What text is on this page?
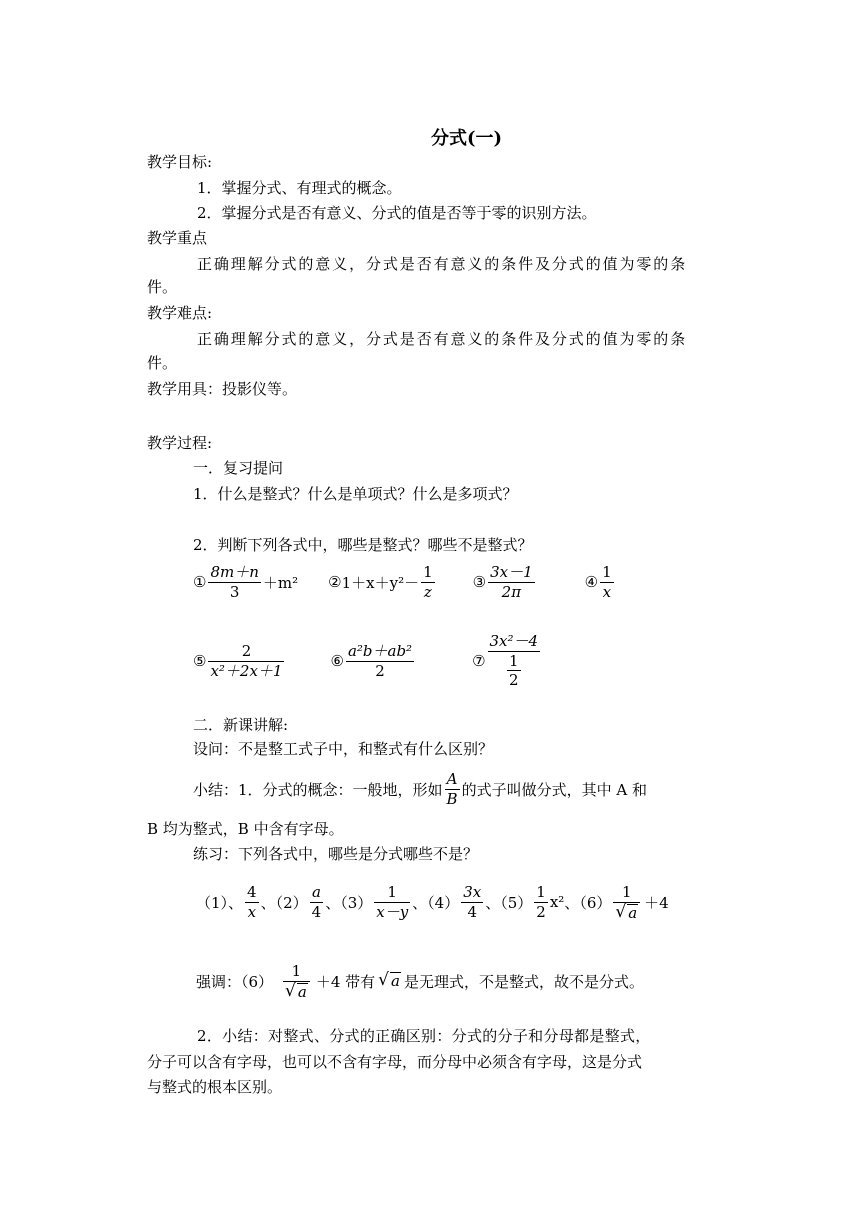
分式(一)
教学目标:
1．掌握分式、有理式的概念。
2．掌握分式是否有意义、分式的值是否等于零的识别方法。
教学重点
正确理解分式的意义，分式是否有意义的条件及分式的值为零的条
件。
教学难点:
正确理解分式的意义，分式是否有意义的条件及分式的值为零的条
件。
教学用具：投影仪等。
教学过程:
一．复习提问
1．什么是整式？什么是单项式？什么是多项式？
2．判断下列各式中，哪些是整式？哪些不是整式？
① $\frac{8m+n}{3} +m^2$ ② $1+x+y^2- \frac{1}{z}$	③ $\frac{3x-1}{2\pi}$	④ $\frac{1}{x}$
⑤ $\frac{2}{\text{x²＋2x＋1}}$	⑥ $\frac{\text{a²b＋ab²}}{2}$	⑦ $\frac{\text{3x²－4}}{\frac{1}{2}}$
二．新课讲解:
设问：不是整工式子中，和整式有什么区别？
小结：1．分式的概念：一般地，形如 $\frac{A}{B}$ 的式子叫做分式，其中 A 和
B 均为整式，B 中含有字母。
练习：下列各式中，哪些是分式哪些不是？
（1）、 $\frac{4}{x}$ 、$(2) \frac{a}{4}$ 、$(3) \frac{1}{x-y}$ 、$(4) \frac{3x}{4}$ 、$(5) \frac{1}{2} x^2$ 、$(6) \frac{1}{√ a} +4$
强调：$(6) \frac{1}{√ a} +4$ 带有 √ a 是无理式，不是整式，故不是分式。
2．小结：对整式、分式的正确区别：分式的分子和分母都是整式，
分子可以含有字母，也可以不含有字母，而分母中必须含有字母，这是分式
与整式的根本区别。
